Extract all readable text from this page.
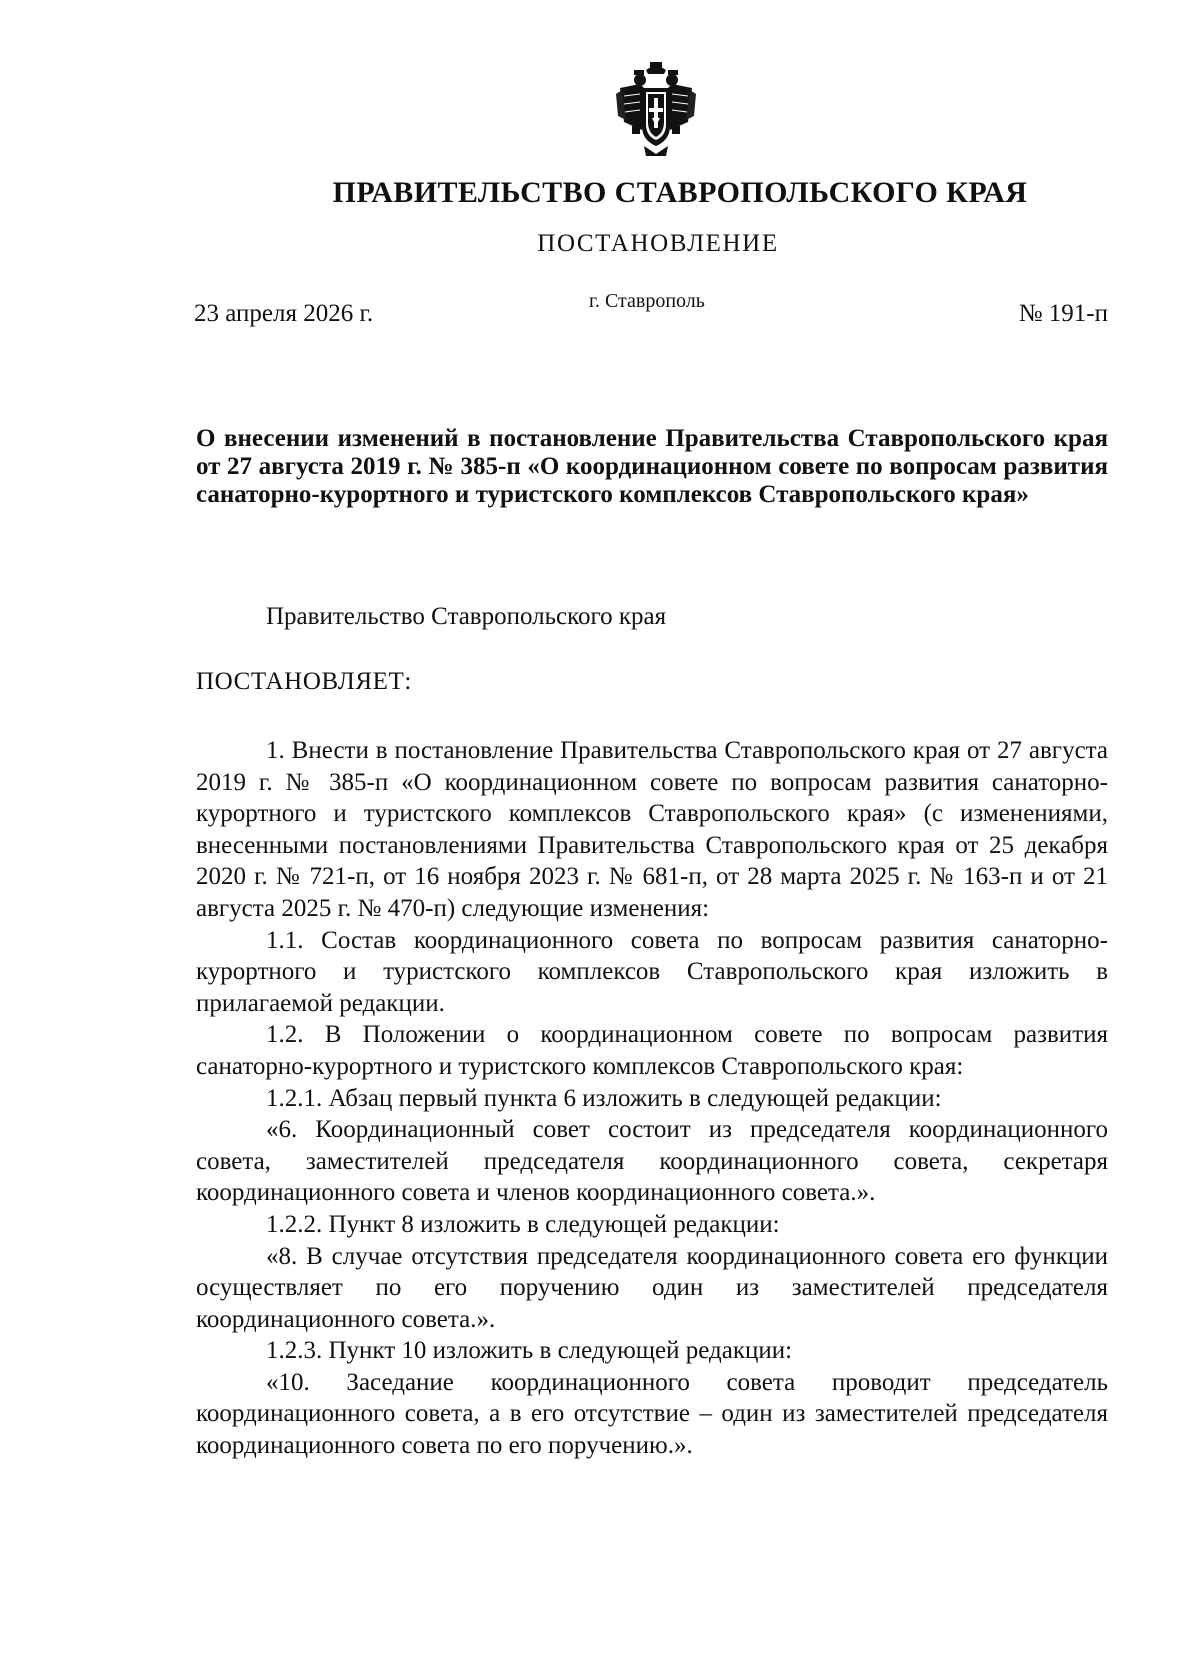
ПРАВИТЕЛЬСТВО СТАВРОПОЛЬСКОГО КРАЯ
ПОСТАНОВЛЕНИЕ
23 апреля 2026 г.	г. Ставрополь	№ 191-п
О внесении изменений в постановление Правительства Ставропольского края от 27 августа 2019 г. № 385-п «О координационном совете по вопросам развития санаторно-курортного и туристского комплексов Ставропольского края»
Правительство Ставропольского края
ПОСТАНОВЛЯЕТ:

1. Внести в постановление Правительства Ставропольского края от 27 августа 2019 г. № 385-п «О координационном совете по вопросам развития санаторно-курортного и туристского комплексов Ставропольского края» (с изменениями, внесенными постановлениями Правительства Ставропольского края от 25 декабря 2020 г. № 721-п, от 16 ноября 2023 г. № 681-п, от 28 марта 2025 г. № 163-п и от 21 августа 2025 г. № 470-п) следующие изменения:

1.1. Состав координационного совета по вопросам развития санаторно-курортного и туристского комплексов Ставропольского края изложить в прилагаемой редакции.

1.2. В Положении о координационном совете по вопросам развития санаторно-курортного и туристского комплексов Ставропольского края:

1.2.1. Абзац первый пункта 6 изложить в следующей редакции:

«6. Координационный совет состоит из председателя координационного совета, заместителей председателя координационного совета, секретаря координационного совета и членов координационного совета.».

1.2.2. Пункт 8 изложить в следующей редакции:

«8. В случае отсутствия председателя координационного совета его функции осуществляет по его поручению один из заместителей председателя координационного совета.».

1.2.3. Пункт 10 изложить в следующей редакции:

«10. Заседание координационного совета проводит председатель координационного совета, а в его отсутствие – один из заместителей председателя координационного совета по его поручению.».
